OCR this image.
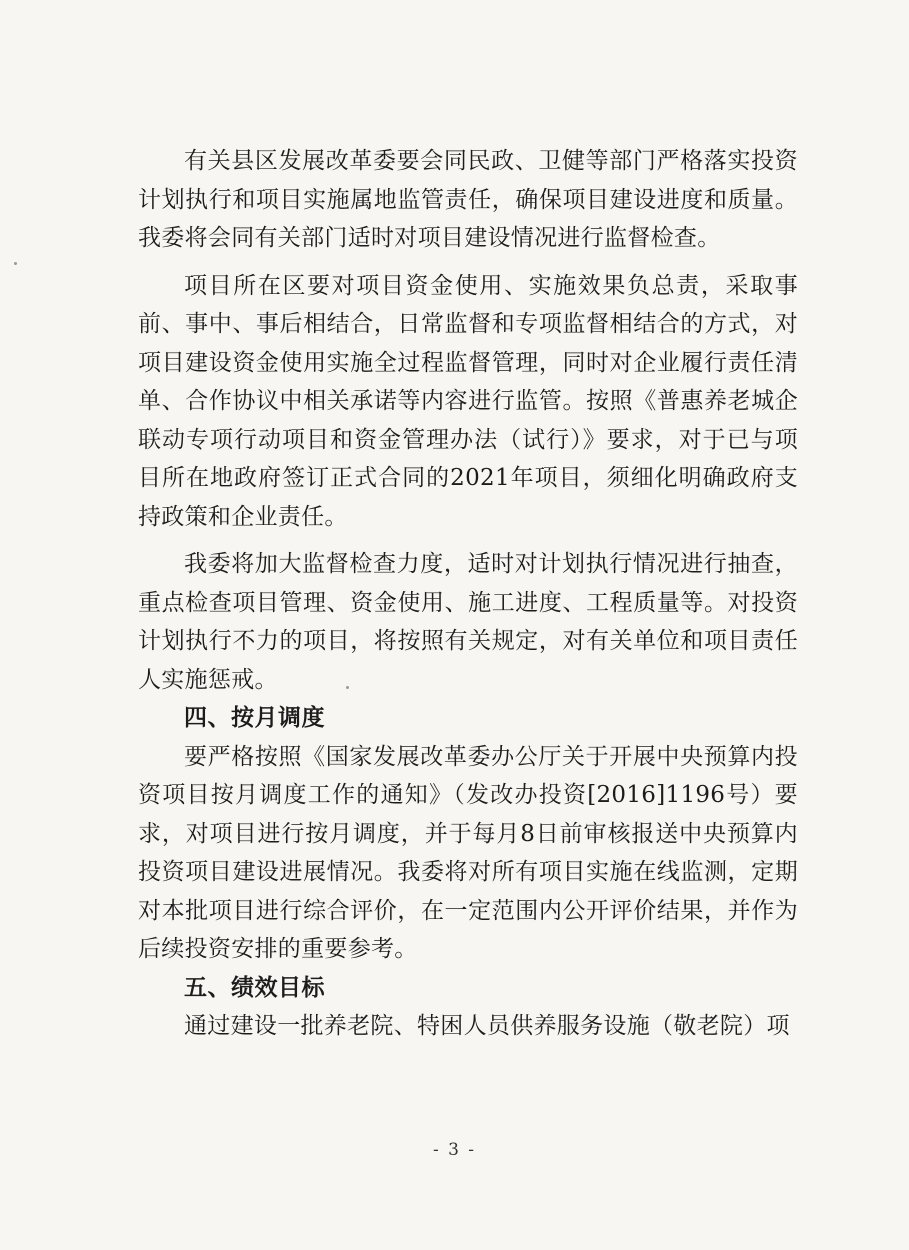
有关县区发展改革委要会同民政、卫健等部门严格落实投资计划执行和项目实施属地监管责任，确保项目建设进度和质量。我委将会同有关部门适时对项目建设情况进行监督检查。

项目所在区要对项目资金使用、实施效果负总责，采取事前、事中、事后相结合，日常监督和专项监督相结合的方式，对项目建设资金使用实施全过程监督管理，同时对企业履行责任清单、合作协议中相关承诺等内容进行监管。按照《普惠养老城企联动专项行动项目和资金管理办法（试行）》要求，对于已与项目所在地政府签订正式合同的2021年项目，须细化明确政府支持政策和企业责任。

我委将加大监督检查力度，适时对计划执行情况进行抽查，重点检查项目管理、资金使用、施工进度、工程质量等。对投资计划执行不力的项目，将按照有关规定，对有关单位和项目责任人实施惩戒。

四、按月调度

要严格按照《国家发展改革委办公厅关于开展中央预算内投资项目按月调度工作的通知》（发改办投资[2016]1196号）要求，对项目进行按月调度，并于每月8日前审核报送中央预算内投资项目建设进展情况。我委将对所有项目实施在线监测，定期对本批项目进行综合评价，在一定范围内公开评价结果，并作为后续投资安排的重要参考。

五、绩效目标

通过建设一批养老院、特困人员供养服务设施（敬老院）项

- 3 -
